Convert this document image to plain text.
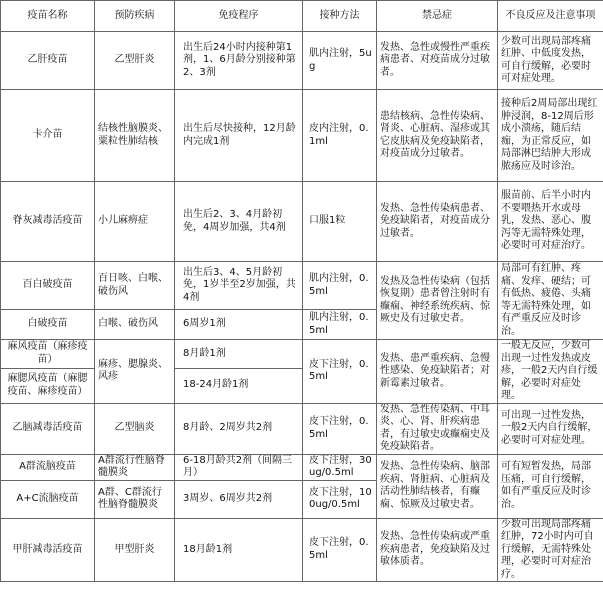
疫苗名称	预防疾病	免疫程序	接种方法	禁忌症	不良反应及注意事项
乙肝疫苗	乙型肝炎	出生后24小时内接种第1剂，1、6月龄分别接种第2、3剂	肌内注射，5ug	发热、急性或慢性严重疾病患者、对疫苗成分过敏者。	少数可出现局部疼痛红肿、中低度发热，可自行缓解，必要时可对症处理。
卡介苗	结核性脑膜炎、粟粒性肺结核	出生后尽快接种，12月龄内完成1剂	皮内注射，0.1ml	患结核病、急性传染病、肾炎、心脏病、湿疹或其它皮肤病及免疫缺陷者，对疫苗成分过敏者。	接种后2周局部出现红肿浸润，8-12周后形成小溃疡，随后结痂，为正常反应，如局部淋巴结肿大形成脓疡应及时诊治。
脊灰减毒活疫苗	小儿麻痹症	出生后2、3、4月龄初免，4周岁加强，共4剂	口服1粒	发热、急性传染病患者、免疫缺陷者，对疫苗成分过敏者。	服苗前、后半小时内不要喂热开水或母乳，发热、恶心、腹泻等无需特殊处理，必要时可对症治疗。
百白破疫苗	百日咳、白喉、破伤风	出生后3、4、5月龄初免，1岁半至2岁加强，共4剂	肌内注射，0.5ml	发热及急性传染病（包括恢复期）患者曾注射时有癫痫、神经系统疾病、惊厥史及有过敏史者。	局部可有红肿、疼痛、发痒、硬结；可有低热、疲倦、头痛等无需特殊处理，如有严重反应及时诊治。
白破疫苗	白喉、破伤风	6周岁1剂	肌内注射，0.5ml		
麻风疫苗（麻疹疫苗）	麻疹、腮腺炎、风疹	8月龄1剂	皮下注射，0.5ml	发热、患严重疾病、急慢性感染、免疫缺陷者；对新霉素过敏者。	一般无反应，少数可出现一过性发热或皮疹，一般2天内自行缓解，必要时对症处理。
麻腮风疫苗（麻腮疫苗、麻疹疫苗）		18-24月龄1剂			
乙脑减毒活疫苗	乙型脑炎	8月龄、2周岁共2剂	皮下注射，0.5ml	发热、急性传染病、中耳炎、心、肾、肝疾病患者，有过敏史或癫痫史及免疫缺陷者。	可出现一过性发热，一般2天内自行缓解，必要时可对症处理。
A群流脑疫苗	A群流行性脑脊髓膜炎	6-18月龄共2剂（间隔三月）	皮下注射，30ug/0.5ml	发热、急性传染病、脑部疾病、肾脏病、心脏病及活动性肺结核者，有癫痫、惊厥及过敏史者。	可有短暂发热，局部压痛，可自行缓解，如有严重反应及时诊治。
A+C流脑疫苗	A群、C群流行性脑脊髓膜炎	3周岁、6周岁共2剂	皮下注射，100ug/0.5ml		
甲肝减毒活疫苗	甲型肝炎	18月龄1剂	皮下注射，0.5ml	发热、急性传染病或严重疾病患者，免疫缺陷及过敏体质者。	少数可出现局部疼痛红肿，72小时内可自行缓解，无需特殊处理，必要时可对症治疗。
